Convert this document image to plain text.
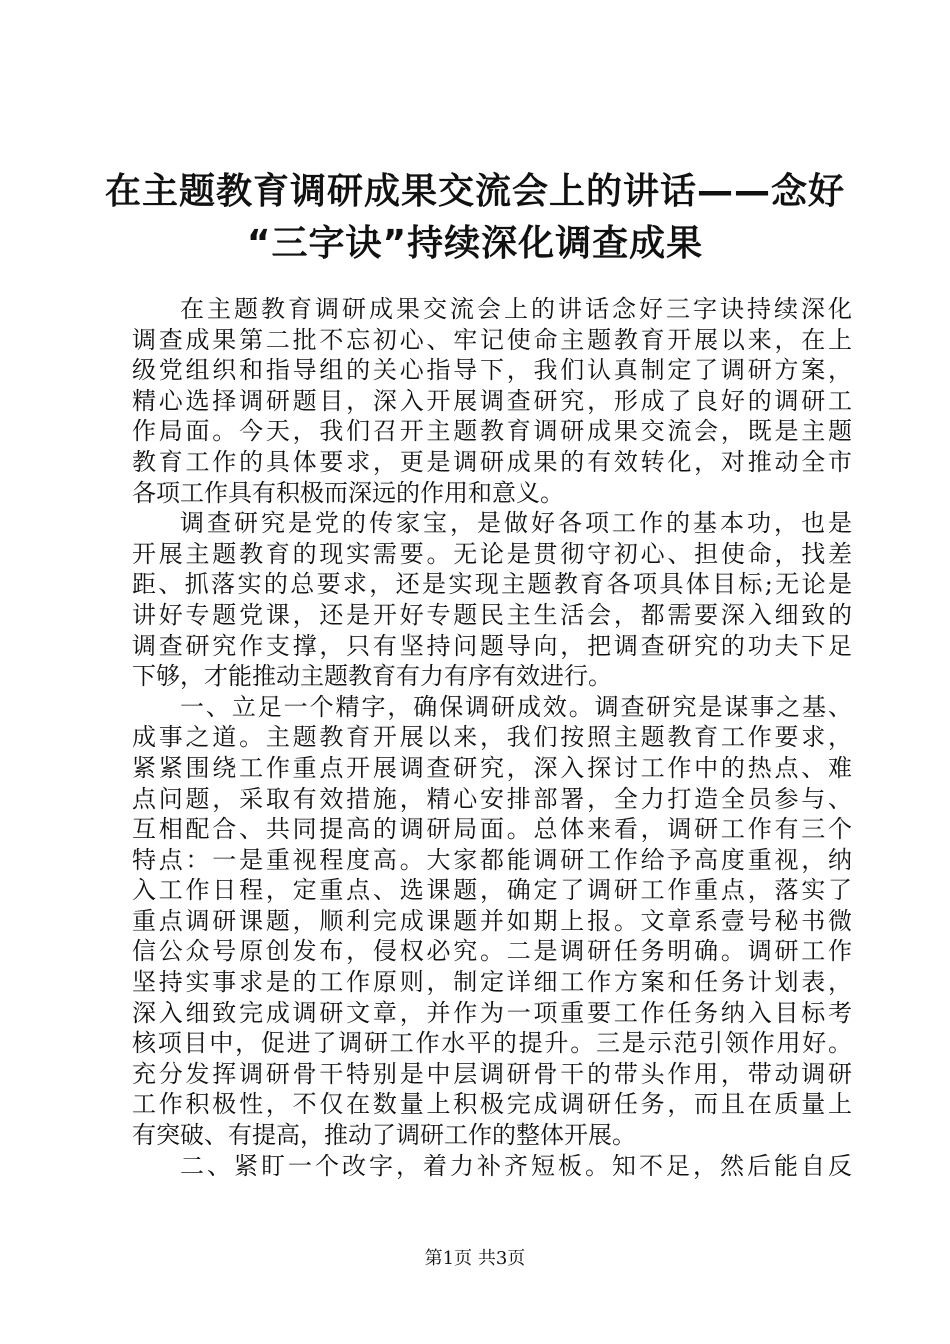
在主题教育调研成果交流会上的讲话——念好
“三字诀”持续深化调查成果
在主题教育调研成果交流会上的讲话念好三字诀持续深化
调查成果第二批不忘初心、牢记使命主题教育开展以来，在上
级党组织和指导组的关心指导下，我们认真制定了调研方案，
精心选择调研题目，深入开展调查研究，形成了良好的调研工
作局面。今天，我们召开主题教育调研成果交流会，既是主题
教育工作的具体要求，更是调研成果的有效转化，对推动全市
各项工作具有积极而深远的作用和意义。
调查研究是党的传家宝，是做好各项工作的基本功，也是
开展主题教育的现实需要。无论是贯彻守初心、担使命，找差
距、抓落实的总要求，还是实现主题教育各项具体目标;无论是
讲好专题党课，还是开好专题民主生活会，都需要深入细致的
调查研究作支撑，只有坚持问题导向，把调查研究的功夫下足
下够，才能推动主题教育有力有序有效进行。
一、立足一个精字，确保调研成效。调查研究是谋事之基、
成事之道。主题教育开展以来，我们按照主题教育工作要求，
紧紧围绕工作重点开展调查研究，深入探讨工作中的热点、难
点问题，采取有效措施，精心安排部署，全力打造全员参与、
互相配合、共同提高的调研局面。总体来看，调研工作有三个
特点：一是重视程度高。大家都能调研工作给予高度重视，纳
入工作日程，定重点、选课题，确定了调研工作重点，落实了
重点调研课题，顺利完成课题并如期上报。文章系壹号秘书微
信公众号原创发布，侵权必究。二是调研任务明确。调研工作
坚持实事求是的工作原则，制定详细工作方案和任务计划表，
深入细致完成调研文章，并作为一项重要工作任务纳入目标考
核项目中，促进了调研工作水平的提升。三是示范引领作用好。
充分发挥调研骨干特别是中层调研骨干的带头作用，带动调研
工作积极性，不仅在数量上积极完成调研任务，而且在质量上
有突破、有提高，推动了调研工作的整体开展。
二、紧盯一个改字，着力补齐短板。知不足，然后能自反
第1页 共3页
